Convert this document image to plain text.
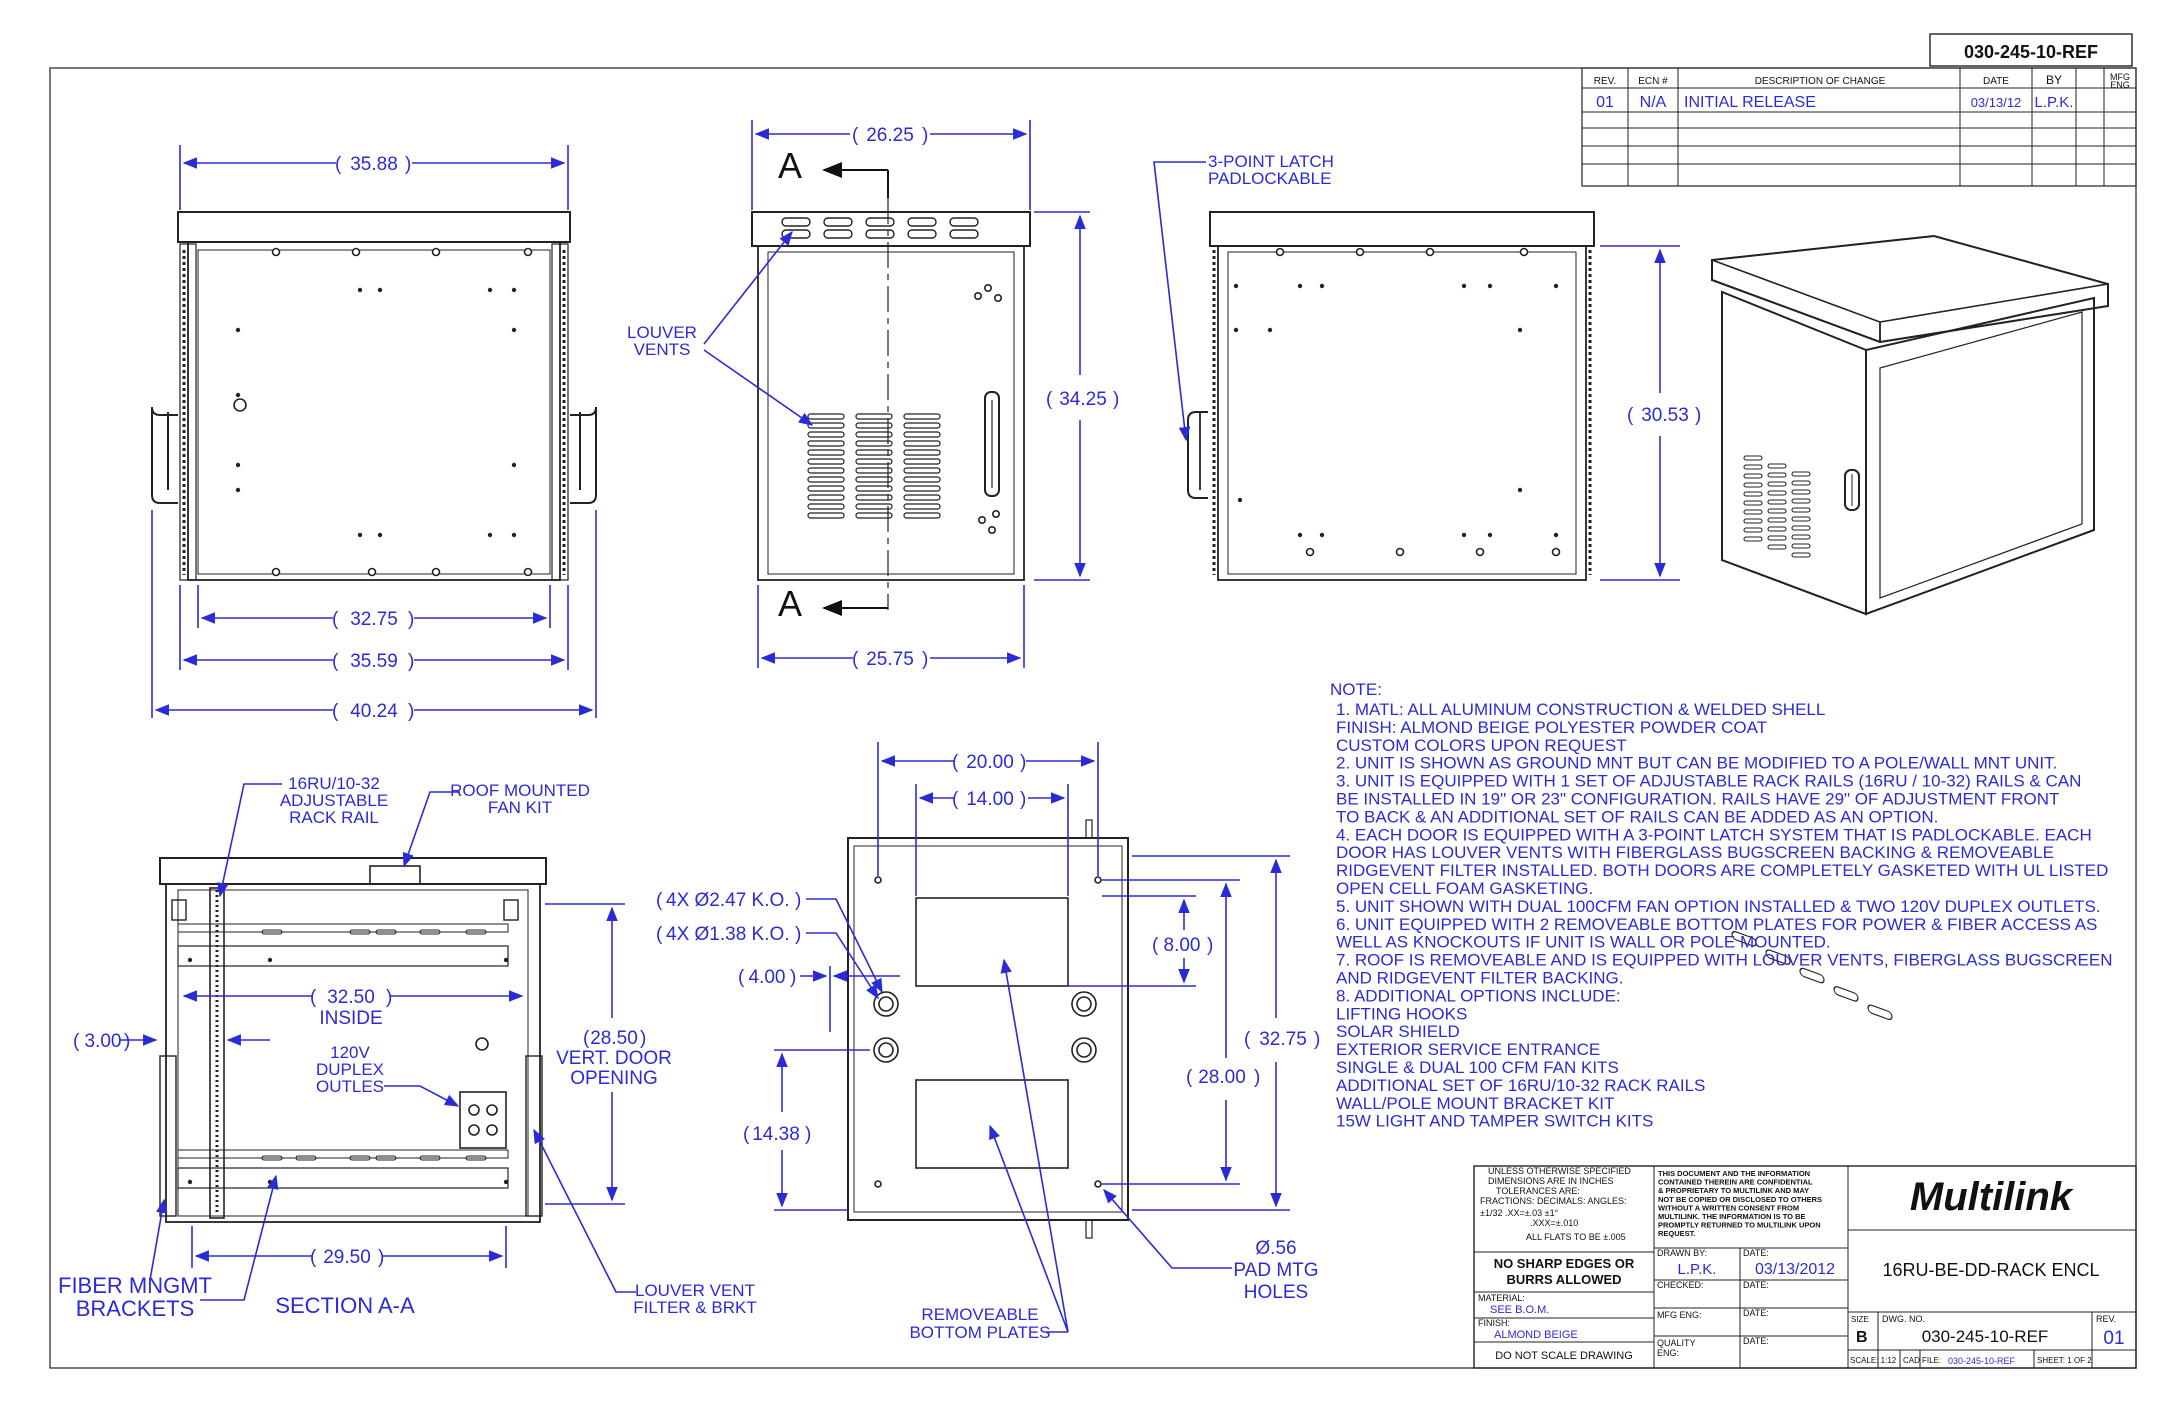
030-245-10-REF
REV. ECN #	DESCRIPTION OF CHANGE	DATE	BY	MFG
ENG
01 N/A INITIAL RELEASE	03/13/12 L.P.K.
35.88
(	)
32.75
(	)
35.59
(	)
40.24
(	)
A
A
26.25
(	)
34.25
(	)
25.75
(	)
LOUVER
VENTS
3-POINT LATCH
PADLOCKABLE
30.53
(	)
16RU/10-32
ADJUSTABLE
RACK RAIL
ROOF MOUNTED
FAN KIT
3.00
( )
32.50
(	)
INSIDE
120V
DUPLEX
OUTLES
28.50
(	)
VERT. DOOR
OPENING
29.50
(	)
FIBER MNGMT
BRACKETS	SECTION A-A
LOUVER VENT
FILTER & BRKT
20.00
(	)
14.00
(	)
8.00
(	)
32.75
(	)
28.00
(	)
4.00
( )
14.38
(	)
( 4X Ø2.47 K.O. )
( 4X Ø1.38 K.O. )
Ø.56
PAD MTG
HOLES
REMOVEABLE
BOTTOM PLATES
NOTE:
1. MATL: ALL ALUMINUM CONSTRUCTION & WELDED SHELL
FINISH: ALMOND BEIGE POLYESTER POWDER COAT
CUSTOM COLORS UPON REQUEST
2. UNIT IS SHOWN AS GROUND MNT BUT CAN BE MODIFIED TO A POLE/WALL MNT UNIT.
3. UNIT IS EQUIPPED WITH 1 SET OF ADJUSTABLE RACK RAILS (16RU / 10-32) RAILS & CAN
BE INSTALLED IN 19" OR 23" CONFIGURATION. RAILS HAVE 29" OF ADJUSTMENT FRONT
TO BACK & AN ADDITIONAL SET OF RAILS CAN BE ADDED AS AN OPTION.
4. EACH DOOR IS EQUIPPED WITH A 3-POINT LATCH SYSTEM THAT IS PADLOCKABLE. EACH
DOOR HAS LOUVER VENTS WITH FIBERGLASS BUGSCREEN BACKING & REMOVEABLE
RIDGEVENT FILTER INSTALLED. BOTH DOORS ARE COMPLETELY GASKETED WITH UL LISTED
OPEN CELL FOAM GASKETING.
5. UNIT SHOWN WITH DUAL 100CFM FAN OPTION INSTALLED & TWO 120V DUPLEX OUTLETS.
6. UNIT EQUIPPED WITH 2 REMOVEABLE BOTTOM PLATES FOR POWER & FIBER ACCESS AS
WELL AS KNOCKOUTS IF UNIT IS WALL OR POLE MOUNTED.
7. ROOF IS REMOVEABLE AND IS EQUIPPED WITH LOUVER VENTS, FIBERGLASS BUGSCREEN
AND RIDGEVENT FILTER BACKING.
8. ADDITIONAL OPTIONS INCLUDE:
LIFTING HOOKS
SOLAR SHIELD
EXTERIOR SERVICE ENTRANCE
SINGLE & DUAL 100 CFM FAN KITS
ADDITIONAL SET OF 16RU/10-32 RACK RAILS
WALL/POLE MOUNT BRACKET KIT
15W LIGHT AND TAMPER SWITCH KITS
UNLESS OTHERWISE SPECIFIED
DIMENSIONS ARE IN INCHES
TOLERANCES ARE:
FRACTIONS: DECIMALS: ANGLES:
±1/32 .XX=±.03 ±1°
.XXX=±.010
ALL FLATS TO BE ±.005
THIS DOCUMENT AND THE INFORMATION
CONTAINED THEREIN ARE CONFIDENTIAL
& PROPRIETARY TO MULTILINK AND MAY
NOT BE COPIED OR DISCLOSED TO OTHERS
WITHOUT A WRITTEN CONSENT FROM
MULTILINK. THE INFORMATION IS TO BE
PROMPTLY RETURNED TO MULTILINK UPON
REQUEST.
NO SHARP EDGES OR
BURRS ALLOWED
MATERIAL:
SEE B.O.M.
FINISH:
ALMOND BEIGE
DO NOT SCALE DRAWING
DRAWN BY:
L.P.K.
DATE:
03/13/2012
CHECKED:	DATE:
MFG ENG:	DATE:
QUALITY
ENG:
DATE:
Multilink
16RU-BE-DD-RACK ENCL
SIZE
B
DWG. NO.
030-245-10-REF
REV.
01
SCALE: 1:12 CAD FILE: 030-245-10-REF	SHEET: 1 OF 2
